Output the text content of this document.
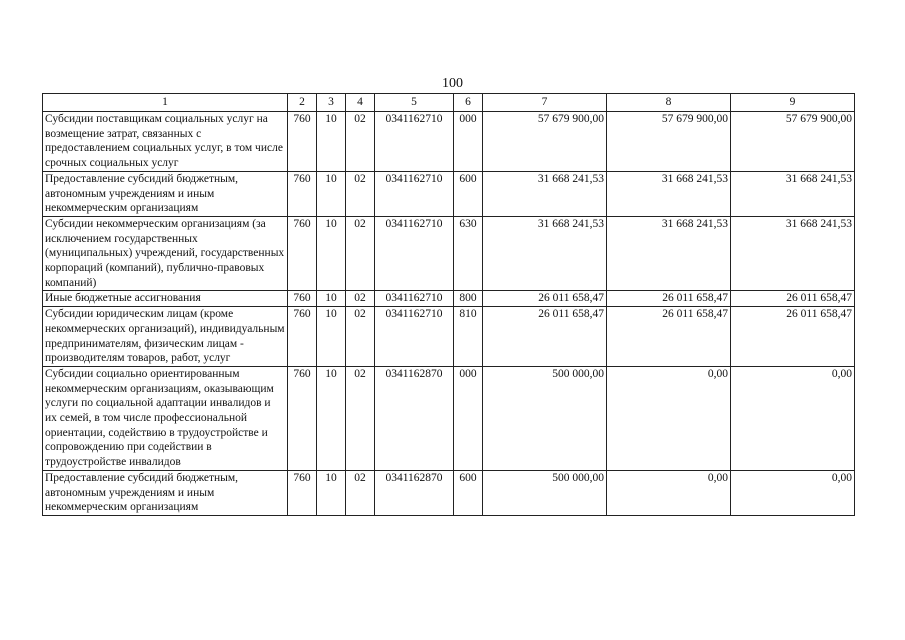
100
1	2	3	4	5	6	7	8	9
Субсидии поставщикам социальных услуг на возмещение затрат, связанных с предоставлением социальных услуг, в том числе срочных социальных услуг	760	10	02	0341162710	000	57 679 900,00	57 679 900,00	57 679 900,00
Предоставление субсидий бюджетным, автономным учреждениям и иным некоммерческим организациям	760	10	02	0341162710	600	31 668 241,53	31 668 241,53	31 668 241,53
Субсидии некоммерческим организациям (за исключением государственных (муниципальных) учреждений, государственных корпораций (компаний), публично-правовых компаний)	760	10	02	0341162710	630	31 668 241,53	31 668 241,53	31 668 241,53
Иные бюджетные ассигнования	760	10	02	0341162710	800	26 011 658,47	26 011 658,47	26 011 658,47
Субсидии юридическим лицам (кроме некоммерческих организаций), индивидуальным предпринимателям, физическим лицам - производителям товаров, работ, услуг	760	10	02	0341162710	810	26 011 658,47	26 011 658,47	26 011 658,47
Субсидии социально ориентированным некоммерческим организациям, оказывающим услуги по социальной адаптации инвалидов и их семей, в том числе профессиональной ориентации, содействию в трудоустройстве и сопровождению при содействии в трудоустройстве инвалидов	760	10	02	0341162870	000	500 000,00	0,00	0,00
Предоставление субсидий бюджетным, автономным учреждениям и иным некоммерческим организациям	760	10	02	0341162870	600	500 000,00	0,00	0,00
